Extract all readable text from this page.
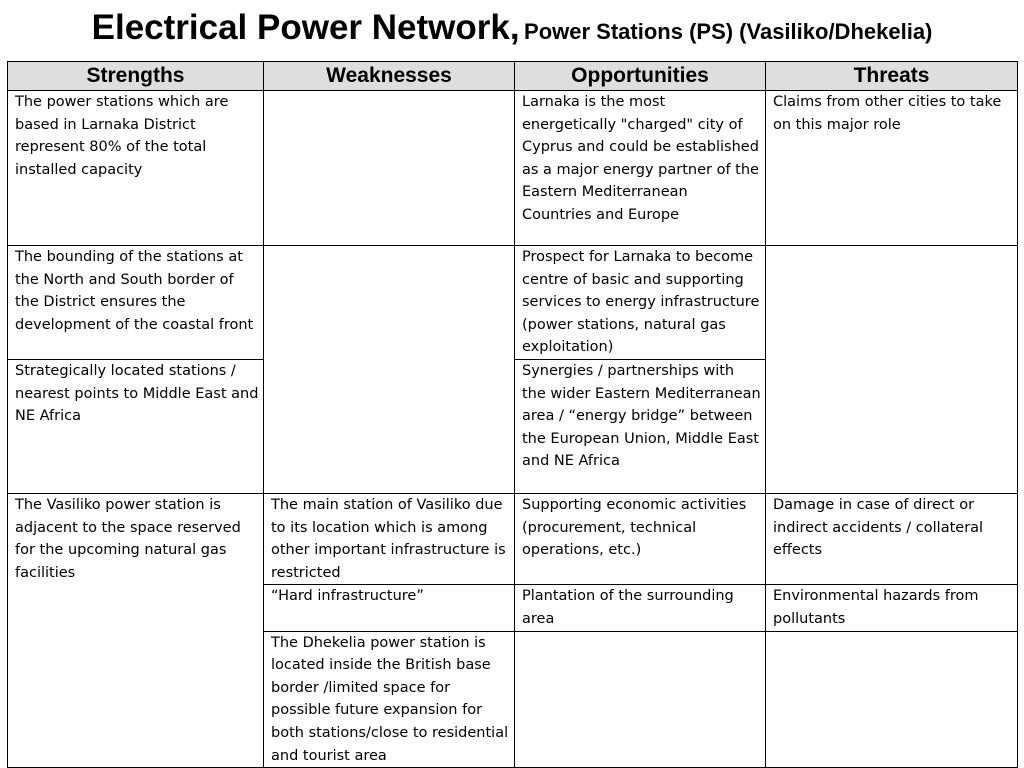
Electrical Power Network, Power Stations (PS) (Vasiliko/Dhekelia)
Strengths	Weaknesses	Opportunities	Threats
The power stations which are based in Larnaka District represent 80% of the total installed capacity		Larnaka is the most energetically "charged" city of Cyprus and could be established as a major energy partner of the Eastern Mediterranean Countries and Europe	Claims from other cities to take on this major role
The bounding of the stations at the North and South border of the District ensures the development of the coastal front		Prospect for Larnaka to become centre of basic and supporting services to energy infrastructure (power stations, natural gas exploitation)	
Strategically located stations / nearest points to Middle East and NE Africa		Synergies / partnerships with the wider Eastern Mediterranean area / “energy bridge” between the European Union, Middle East and NE Africa	
The Vasiliko power station is adjacent to the space reserved for the upcoming natural gas facilities	The main station of Vasiliko due to its location which is among other important infrastructure is restricted	Supporting economic activities (procurement, technical operations, etc.)	Damage in case of direct or indirect accidents / collateral effects
	“Hard infrastructure”	Plantation of the surrounding area	Environmental hazards from pollutants
	The Dhekelia power station is located inside the British base border /limited space for possible future expansion for both stations/close to residential and tourist area		
